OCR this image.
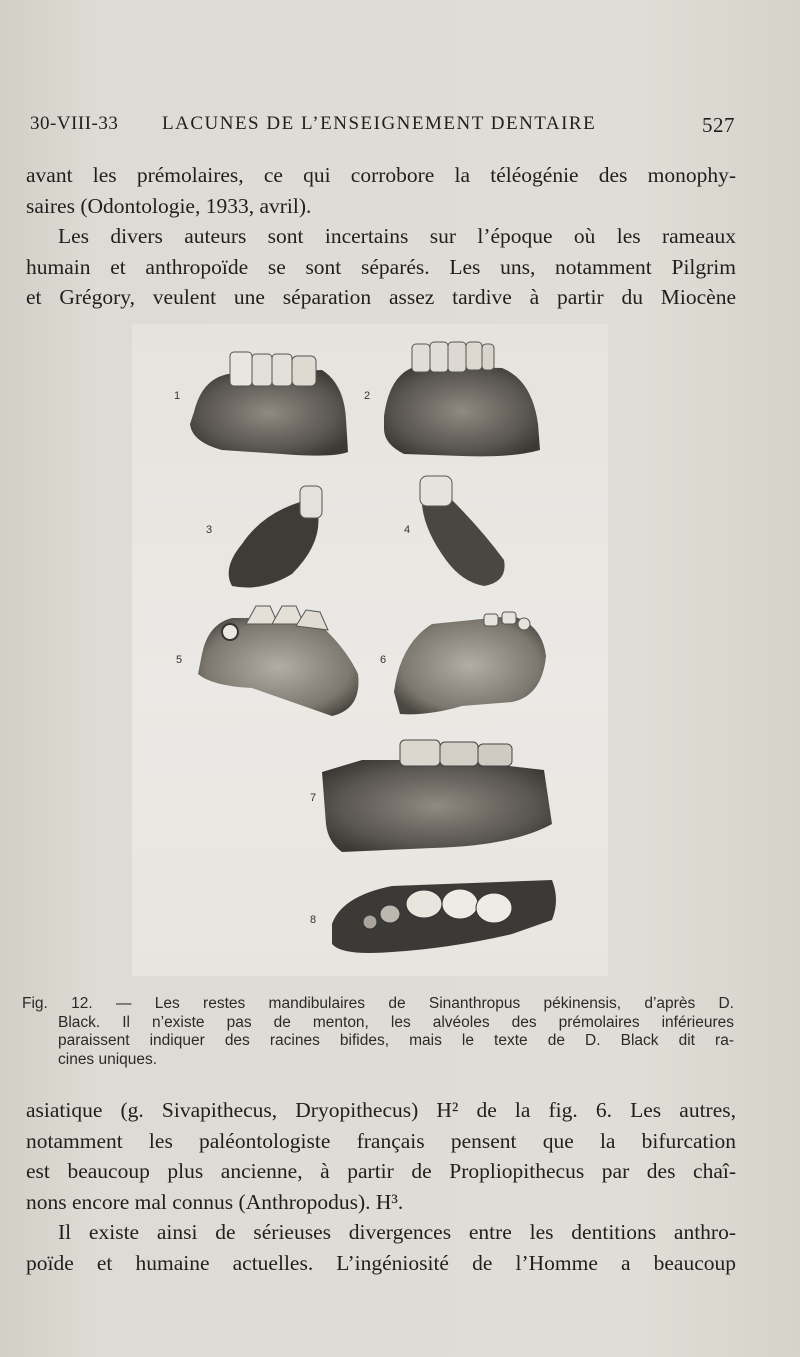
30-VIII-33 LACUNES DE L’ENSEIGNEMENT DENTAIRE	527
avant les prémolaires, ce qui corrobore la téléogénie des monophy-
saires (Odontologie, 1933, avril).
Les divers auteurs sont incertains sur l’époque où les rameaux
humain et anthropoïde se sont séparés. Les uns, notamment Pilgrim
et Grégory, veulent une séparation assez tardive à partir du Miocène
1	2
3	4
5	6
7
8
Fig. 12. — Les restes mandibulaires de Sinanthropus pékinensis, d’après D.
Black. Il n’existe pas de menton, les alvéoles des prémolaires inférieures
paraissent indiquer des racines bifides, mais le texte de D. Black dit ra-
cines uniques.
asiatique (g. Sivapithecus, Dryopithecus) H² de la fig. 6. Les autres,
notamment les paléontologiste français pensent que la bifurcation
est beaucoup plus ancienne, à partir de Propliopithecus par des chaî-
nons encore mal connus (Anthropodus). H³.
Il existe ainsi de sérieuses divergences entre les dentitions anthro-
poïde et humaine actuelles. L’ingéniosité de l’Homme a beaucoup
